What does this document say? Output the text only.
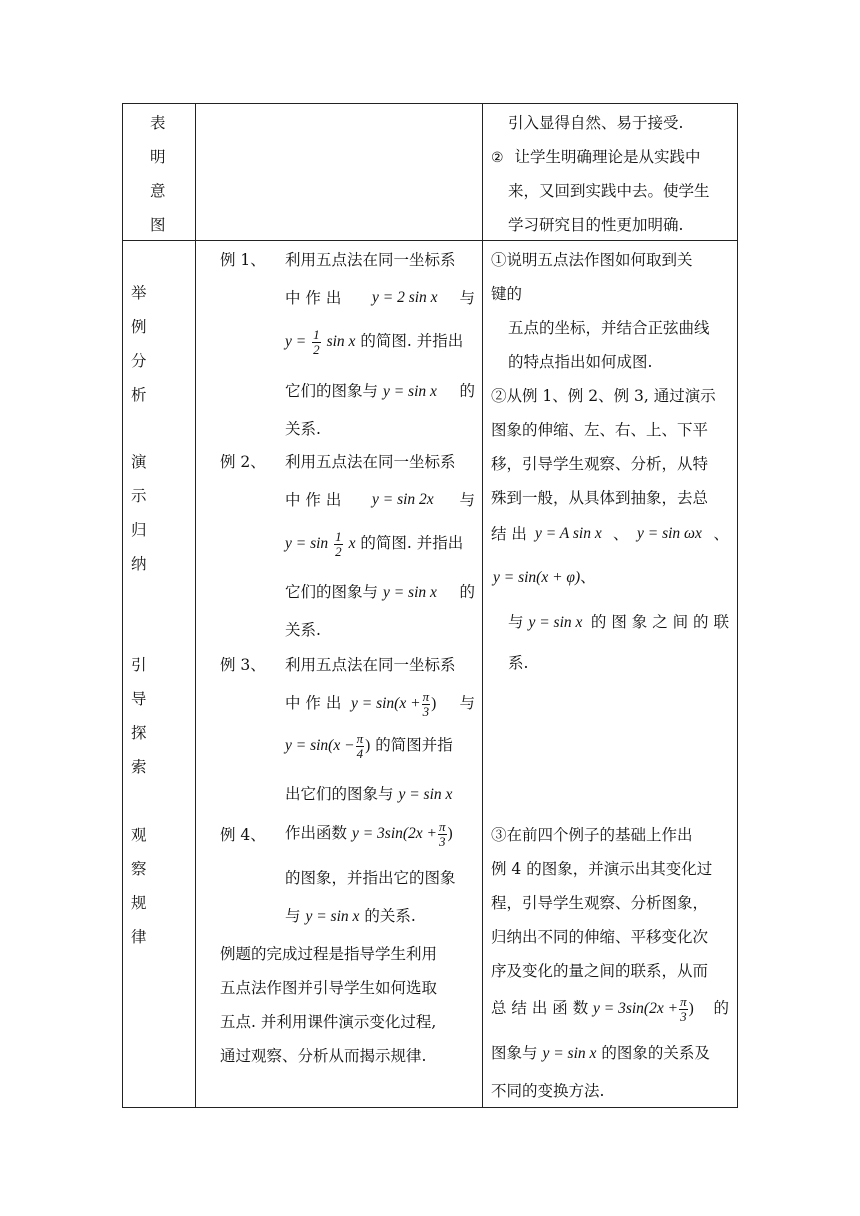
表
明
意
图
举
例
分
析
演
示
归
纳
引
导
探
索
观
察
规
律
引入显得自然、易于接受.
② 让学生明确理论是从实践中
来，又回到实践中去。使学生
学习研究目的性更加明确.
例 1、 利用五点法在同一坐标系
中 作 出 y = 2 sin x 与
$y = \frac{1}{2}$ sin x 的简图. 并指出
它们的图象与 y = sin x 的
关系.
例 2、 利用五点法在同一坐标系
中 作 出 y = sin 2x 与
$y = \sin \frac{1}{2}$ x 的简图. 并指出
它们的图象与 y = sin x 的
关系.
例 3、 利用五点法在同一坐标系
中 作 出 $y = \sin(x + \frac{\pi}{3}$ ) 与
$y = \sin(x - \frac{\pi}{4}$ ) 的简图并指
出它们的图象与 y = sin x
例 4、 作出函数 $y = 3\sin(2x + \frac{\pi}{3}$ )
的图象，并指出它的图象
与 y = sin x 的关系.
例题的完成过程是指导学生利用
五点法作图并引导学生如何选取
五点. 并利用课件演示变化过程,
通过观察、分析从而揭示规律.
①说明五点法作图如何取到关
键的
五点的坐标，并结合正弦曲线
的特点指出如何成图.
②从例 1、例 2、例 3, 通过演示
图象的伸缩、左、右、上、下平
移，引导学生观察、分析，从特
殊到一般，从具体到抽象，去总
结 出 y = A sin x 、 y = sin ωx 、
y = sin(x + φ)、
与 y = sin x 的 图 象 之 间 的 联
系.
③在前四个例子的基础上作出
例 4 的图象，并演示出其变化过
程，引导学生观察、分析图象，
归纳出不同的伸缩、平移变化次
序及变化的量之间的联系，从而
总 结 出 函 数 $y = 3\sin(2x + \frac{\pi}{3}$ ) 的
图象与 y = sin x 的图象的关系及
不同的变换方法.
